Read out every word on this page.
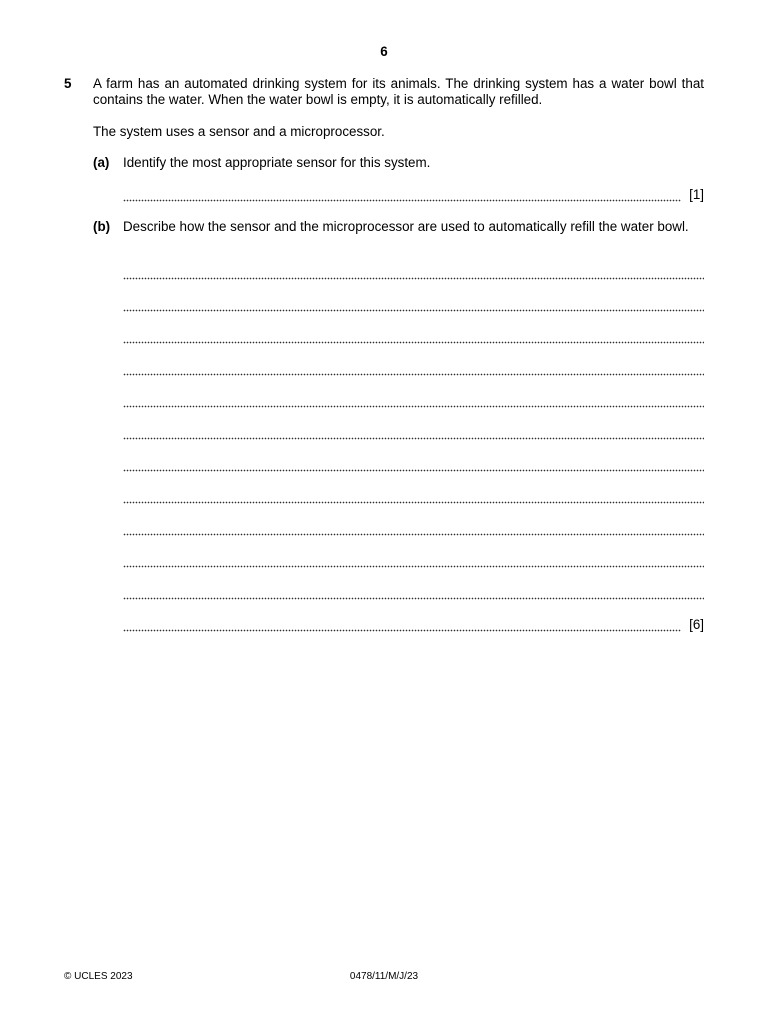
6
5 A farm has an automated drinking system for its animals. The drinking system has a water bowl that contains the water. When the water bowl is empty, it is automatically refilled.

The system uses a sensor and a microprocessor.
(a) Identify the most appropriate sensor for this system.
[1]
(b) Describe how the sensor and the microprocessor are used to automatically refill the water bowl.
[6]
© UCLES 2023	0478/11/M/J/23
